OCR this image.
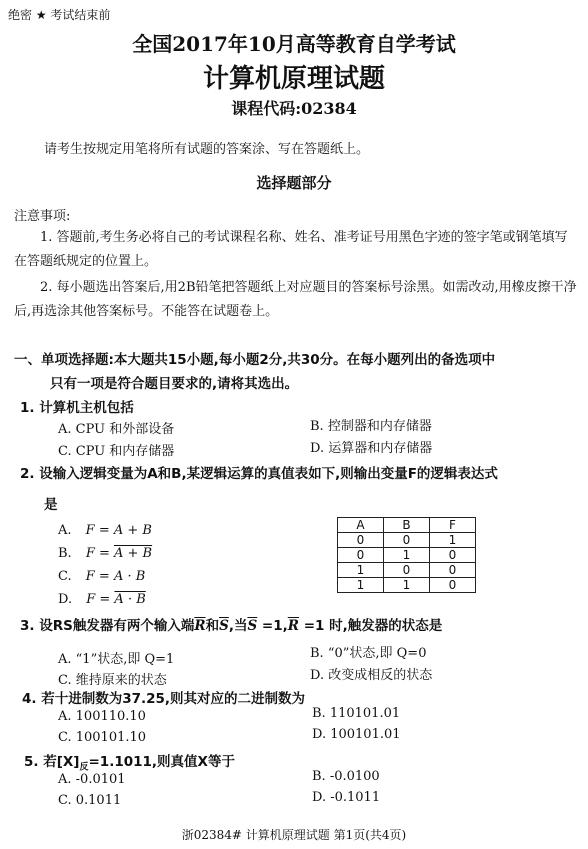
绝密 ★ 考试结束前
全国2017年10月高等教育自学考试
计算机原理试题
课程代码:02384
请考生按规定用笔将所有试题的答案涂、写在答题纸上。
选择题部分
注意事项:
1. 答题前,考生务必将自己的考试课程名称、姓名、准考证号用黑色字迹的签字笔或钢笔填写在答题纸规定的位置上。
2. 每小题选出答案后,用2B铅笔把答题纸上对应题目的答案标号涂黑。如需改动,用橡皮擦干净后,再选涂其他答案标号。不能答在试题卷上。
一、单项选择题:本大题共15小题,每小题2分,共30分。在每小题列出的备选项中
只有一项是符合题目要求的,请将其选出。
1. 计算机主机包括
A. CPU 和外部设备	B. 控制器和内存储器
C. CPU 和内存储器	D. 运算器和内存储器
2. 设输入逻辑变量为A和B,某逻辑运算的真值表如下,则输出变量F的逻辑表达式
是
A. F = A + B
B. F = A + B
C. F = A · B
D. F = A · B
A	B	F
0	0	1
0	1	0
1	0	0
1	1	0
3. 设RS触发器有两个输入端$\overline{R}$和$\overline{S}$,当$\overline{S} =1,\overline{R} =1$ 时,触发器的状态是
A. “1”状态,即 Q=1	B. “0”状态,即 Q=0
C. 维持原来的状态	D. 改变成相反的状态
4. 若十进制数为37.25,则其对应的二进制数为
A. 100110.10	B. 110101.01
C. 100101.10	D. 100101.01
5. 若$[X]_反=1.1011$,则真值X等于
A. -0.0101	B. -0.0100
C. 0.1011	D. -0.1011
浙02384# 计算机原理试题 第1页(共4页)
